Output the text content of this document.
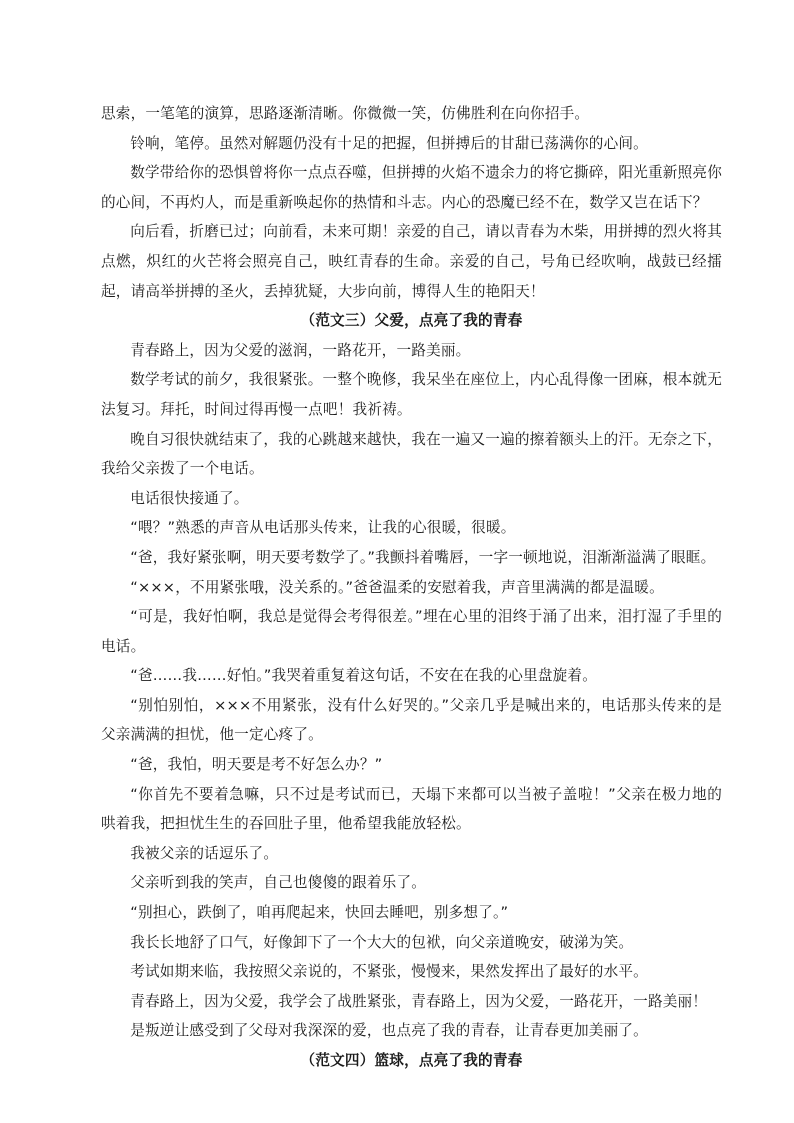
思索，一笔笔的演算，思路逐渐清晰。你微微一笑，仿佛胜利在向你招手。

铃响，笔停。虽然对解题仍没有十足的把握，但拼搏后的甘甜已荡满你的心间。

数学带给你的恐惧曾将你一点点吞噬，但拼搏的火焰不遗余力的将它撕碎，阳光重新照亮你的心间，不再灼人，而是重新唤起你的热情和斗志。内心的恐魔已经不在，数学又岂在话下？

向后看，折磨已过；向前看，未来可期！亲爱的自己，请以青春为木柴，用拼搏的烈火将其点燃，炽红的火芒将会照亮自己，映红青春的生命。亲爱的自己，号角已经吹响，战鼓已经擂起，请高举拼搏的圣火，丢掉犹疑，大步向前，博得人生的艳阳天！

（范文三）父爱，点亮了我的青春

青春路上，因为父爱的滋润，一路花开，一路美丽。

数学考试的前夕，我很紧张。一整个晚修，我呆坐在座位上，内心乱得像一团麻，根本就无法复习。拜托，时间过得再慢一点吧！我祈祷。

晚自习很快就结束了，我的心跳越来越快，我在一遍又一遍的擦着额头上的汗。无奈之下，我给父亲拨了一个电话。

电话很快接通了。

“喂？”熟悉的声音从电话那头传来，让我的心很暖，很暖。

“爸，我好紧张啊，明天要考数学了。”我颤抖着嘴唇，一字一顿地说，泪渐渐溢满了眼眶。

“×××，不用紧张哦，没关系的。”爸爸温柔的安慰着我，声音里满满的都是温暖。

“可是，我好怕啊，我总是觉得会考得很差。”埋在心里的泪终于涌了出来，泪打湿了手里的电话。

“爸……我……好怕。”我哭着重复着这句话，不安在在我的心里盘旋着。

“别怕别怕，×××不用紧张，没有什么好哭的。”父亲几乎是喊出来的，电话那头传来的是父亲满满的担忧，他一定心疼了。

“爸，我怕，明天要是考不好怎么办？”

“你首先不要着急嘛，只不过是考试而已，天塌下来都可以当被子盖啦！”父亲在极力地的哄着我，把担忧生生的吞回肚子里，他希望我能放轻松。

我被父亲的话逗乐了。

父亲听到我的笑声，自己也傻傻的跟着乐了。

“别担心，跌倒了，咱再爬起来，快回去睡吧，别多想了。”

我长长地舒了口气，好像卸下了一个大大的包袱，向父亲道晚安，破涕为笑。

考试如期来临，我按照父亲说的，不紧张，慢慢来，果然发挥出了最好的水平。

青春路上，因为父爱，我学会了战胜紧张，青春路上，因为父爱，一路花开，一路美丽！

是叛逆让感受到了父母对我深深的爱，也点亮了我的青春，让青春更加美丽了。

（范文四）篮球，点亮了我的青春
